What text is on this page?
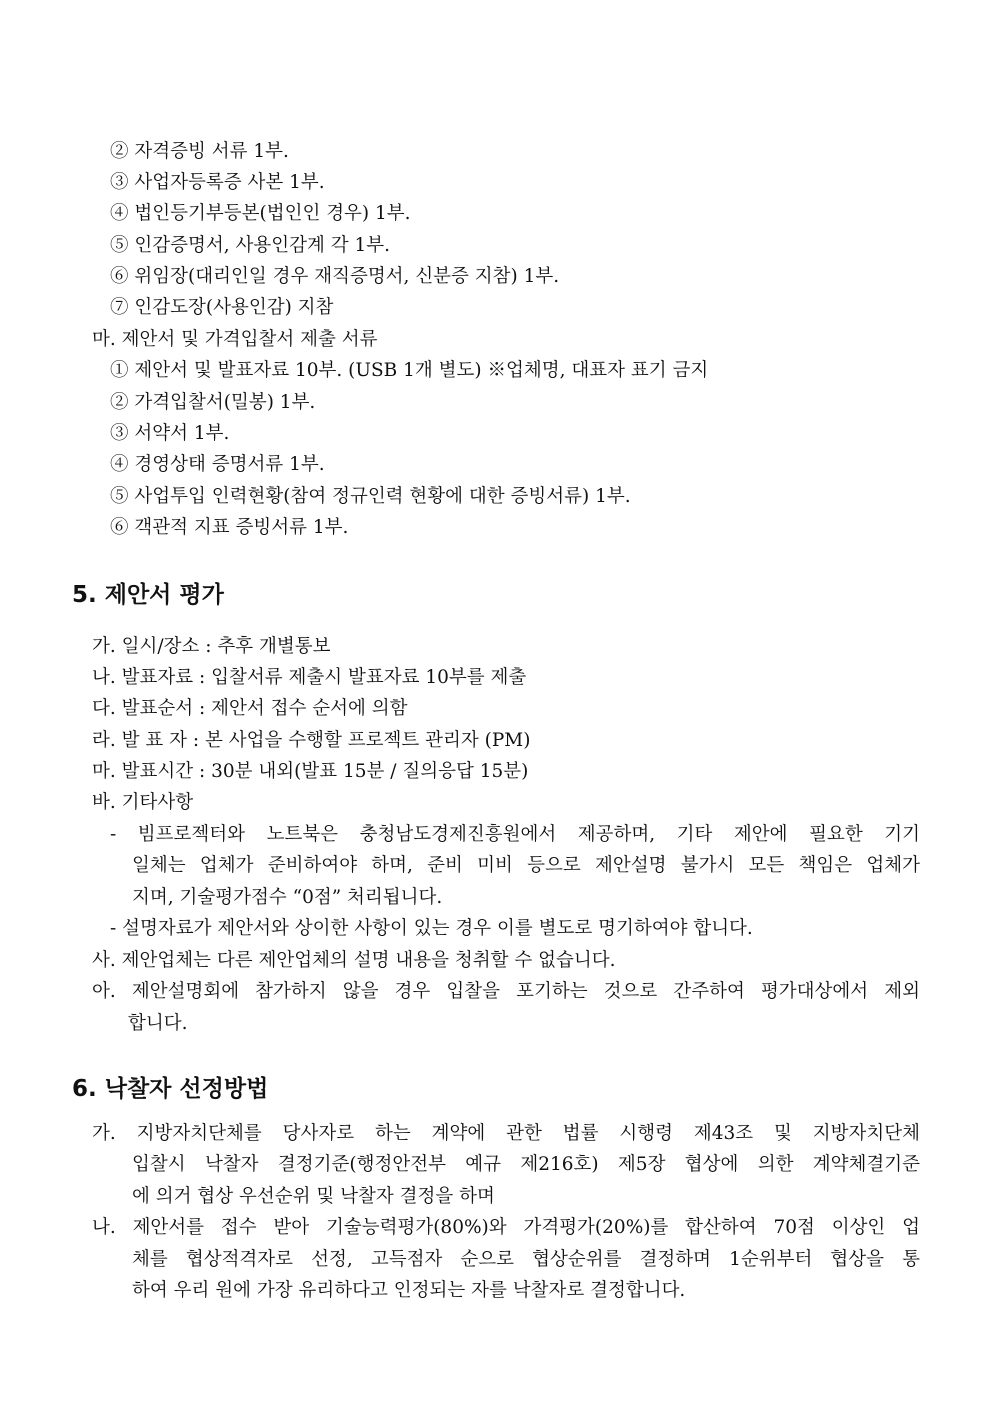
② 자격증빙 서류 1부.
③ 사업자등록증 사본 1부.
④ 법인등기부등본(법인인 경우) 1부.
⑤ 인감증명서, 사용인감계 각 1부.
⑥ 위임장(대리인일 경우 재직증명서, 신분증 지참) 1부.
⑦ 인감도장(사용인감) 지참
마. 제안서 및 가격입찰서 제출 서류
① 제안서 및 발표자료 10부. (USB 1개 별도) ※업체명, 대표자 표기 금지
② 가격입찰서(밀봉) 1부.
③ 서약서 1부.
④ 경영상태 증명서류 1부.
⑤ 사업투입 인력현황(참여 정규인력 현황에 대한 증빙서류) 1부.
⑥ 객관적 지표 증빙서류 1부.
5. 제안서 평가
가. 일시/장소 : 추후 개별통보
나. 발표자료 : 입찰서류 제출시 발표자료 10부를 제출
다. 발표순서 : 제안서 접수 순서에 의함
라. 발 표 자 : 본 사업을 수행할 프로젝트 관리자 (PM)
마. 발표시간 : 30분 내외(발표 15분 / 질의응답 15분)
바. 기타사항
- 빔프로젝터와 노트북은 충청남도경제진흥원에서 제공하며, 기타 제안에 필요한 기기
일체는 업체가 준비하여야 하며, 준비 미비 등으로 제안설명 불가시 모든 책임은 업체가
지며, 기술평가점수 “0점” 처리됩니다.
- 설명자료가 제안서와 상이한 사항이 있는 경우 이를 별도로 명기하여야 합니다.
사. 제안업체는 다른 제안업체의 설명 내용을 청취할 수 없습니다.
아. 제안설명회에 참가하지 않을 경우 입찰을 포기하는 것으로 간주하여 평가대상에서 제외
합니다.
6. 낙찰자 선정방법
가. 지방자치단체를 당사자로 하는 계약에 관한 법률 시행령 제43조 및 지방자치단체
입찰시 낙찰자 결정기준(행정안전부 예규 제216호) 제5장 협상에 의한 계약체결기준
에 의거 협상 우선순위 및 낙찰자 결정을 하며
나. 제안서를 접수 받아 기술능력평가(80%)와 가격평가(20%)를 합산하여 70점 이상인 업
체를 협상적격자로 선정, 고득점자 순으로 협상순위를 결정하며 1순위부터 협상을 통
하여 우리 원에 가장 유리하다고 인정되는 자를 낙찰자로 결정합니다.
